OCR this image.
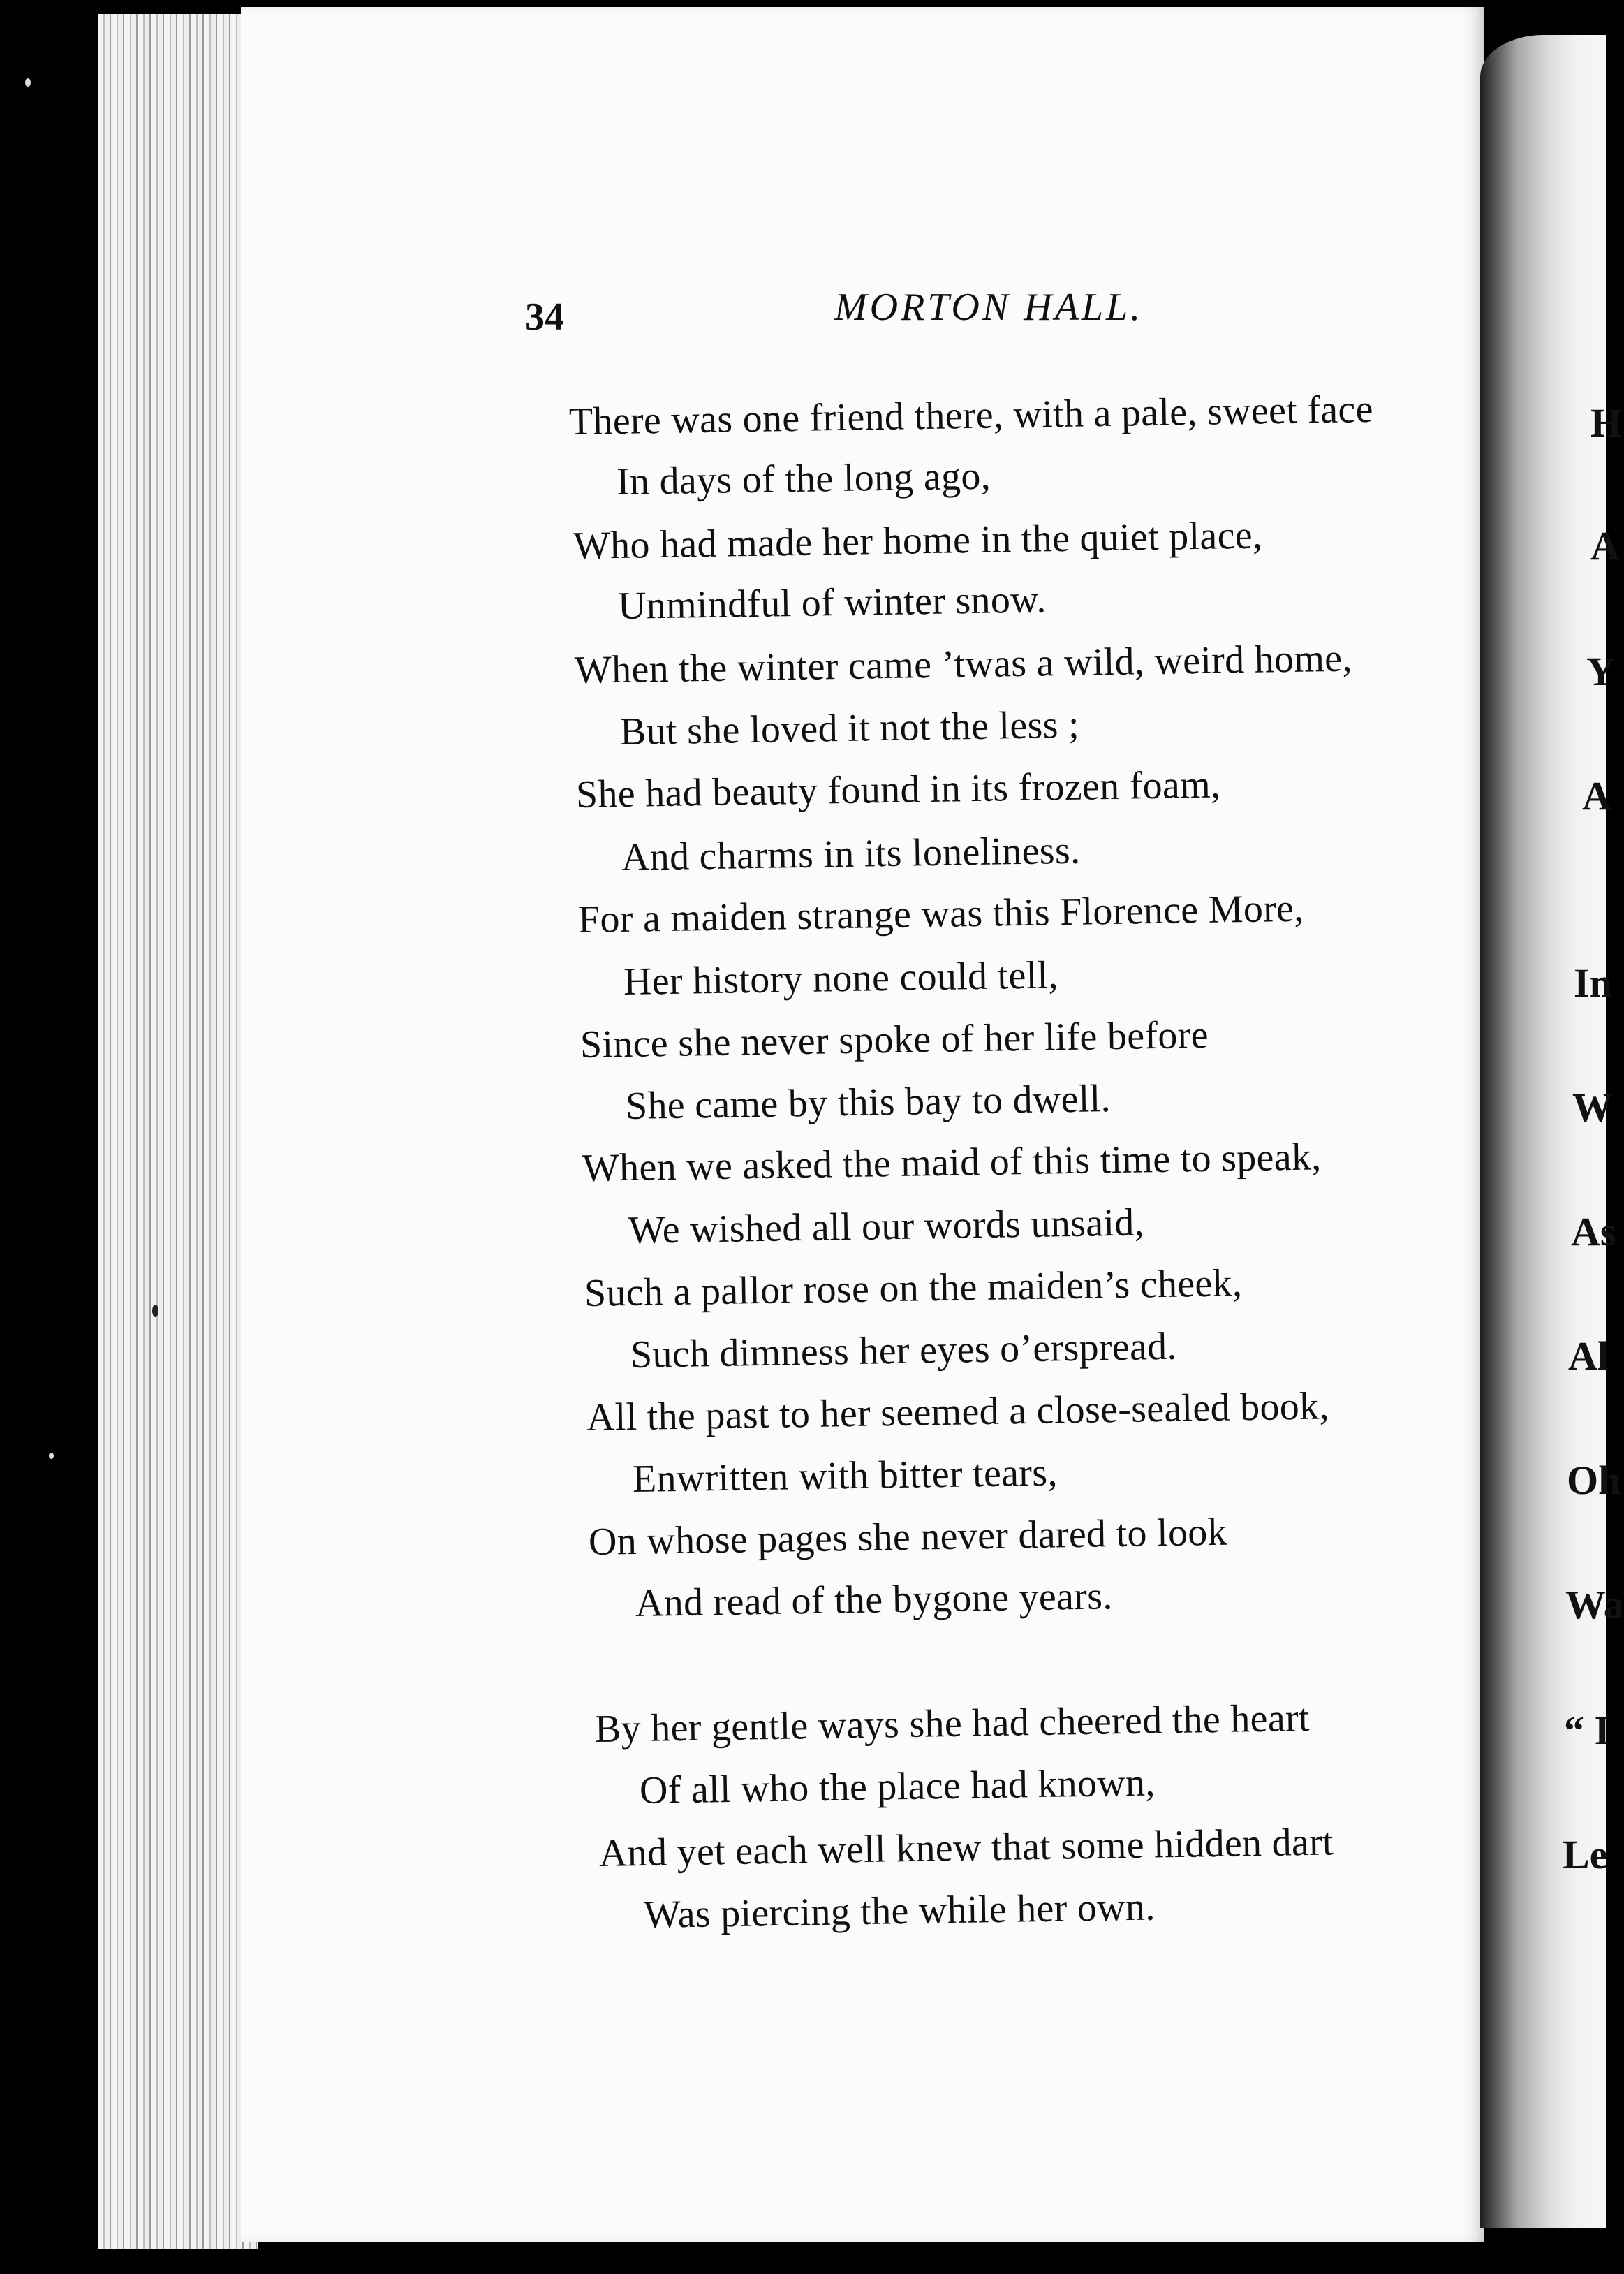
34	MORTON HALL.
There was one friend there, with a pale, sweet face
In days of the long ago,
Who had made her home in the quiet place,
Unmindful of winter snow.
When the winter came ’twas a wild, weird home,
But she loved it not the less ;
She had beauty found in its frozen foam,
And charms in its loneliness.
For a maiden strange was this Florence More,
Her history none could tell,
Since she never spoke of her life before
She came by this bay to dwell.
When we asked the maid of this time to speak,
We wished all our words unsaid,
Such a pallor rose on the maiden’s cheek,
Such dimness her eyes o’erspread.
All the past to her seemed a close-sealed book,
Enwritten with bitter tears,
On whose pages she never dared to look
And read of the bygone years.
By her gentle ways she had cheered the heart
Of all who the place had known,
And yet each well knew that some hidden dart
Was piercing the while her own.
H
A
Y
A
In
W
As
Al
Oh
Wa
“ I
Le
